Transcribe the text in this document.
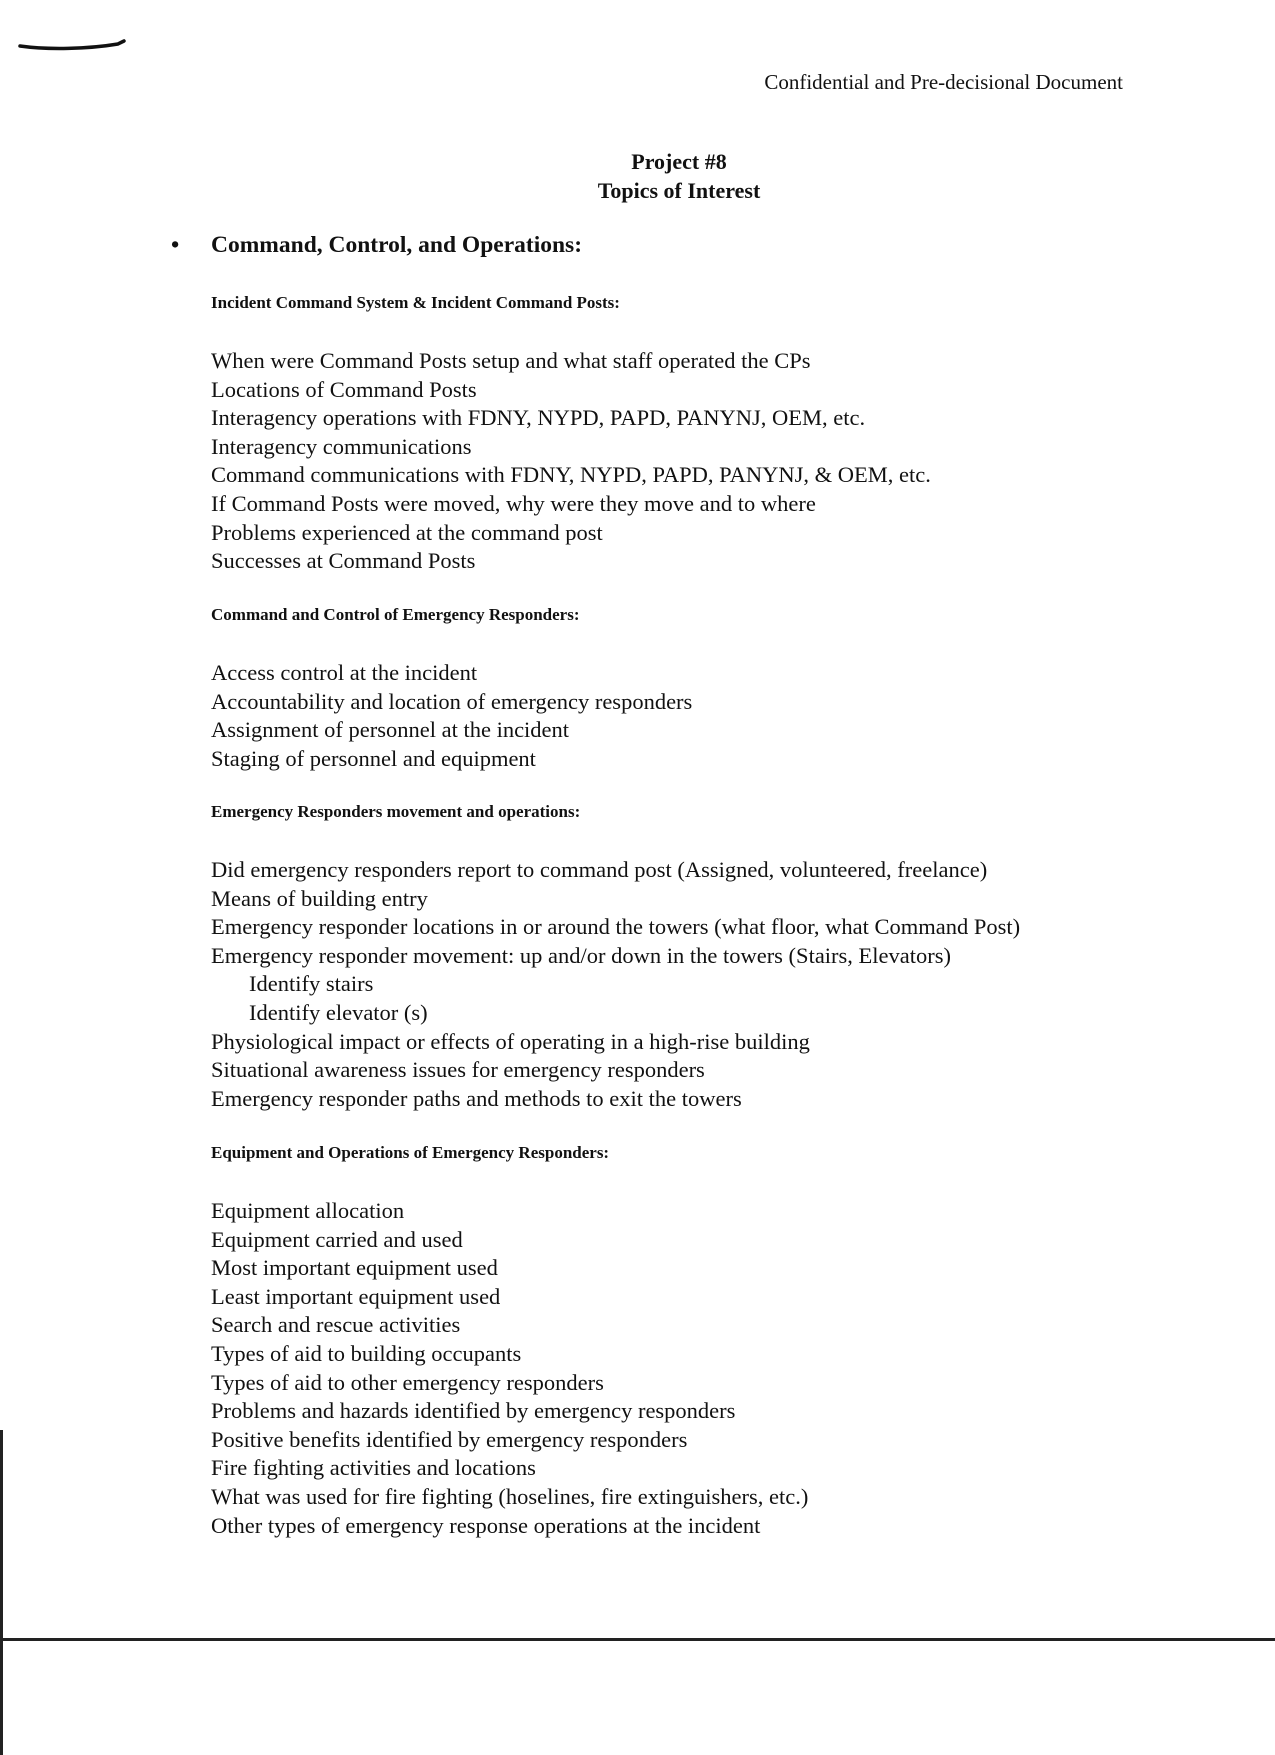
Confidential and Pre-decisional Document
Project #8
Topics of Interest
• Command, Control, and Operations:
Incident Command System & Incident Command Posts:
When were Command Posts setup and what staff operated the CPs
Locations of Command Posts
Interagency operations with FDNY, NYPD, PAPD, PANYNJ, OEM, etc.
Interagency communications
Command communications with FDNY, NYPD, PAPD, PANYNJ, & OEM, etc.
If Command Posts were moved, why were they move and to where
Problems experienced at the command post
Successes at Command Posts
Command and Control of Emergency Responders:
Access control at the incident
Accountability and location of emergency responders
Assignment of personnel at the incident
Staging of personnel and equipment
Emergency Responders movement and operations:
Did emergency responders report to command post (Assigned, volunteered, freelance)
Means of building entry
Emergency responder locations in or around the towers (what floor, what Command Post)
Emergency responder movement: up and/or down in the towers (Stairs, Elevators)
Identify stairs
Identify elevator (s)
Physiological impact or effects of operating in a high-rise building
Situational awareness issues for emergency responders
Emergency responder paths and methods to exit the towers
Equipment and Operations of Emergency Responders:
Equipment allocation
Equipment carried and used
Most important equipment used
Least important equipment used
Search and rescue activities
Types of aid to building occupants
Types of aid to other emergency responders
Problems and hazards identified by emergency responders
Positive benefits identified by emergency responders
Fire fighting activities and locations
What was used for fire fighting (hoselines, fire extinguishers, etc.)
Other types of emergency response operations at the incident
